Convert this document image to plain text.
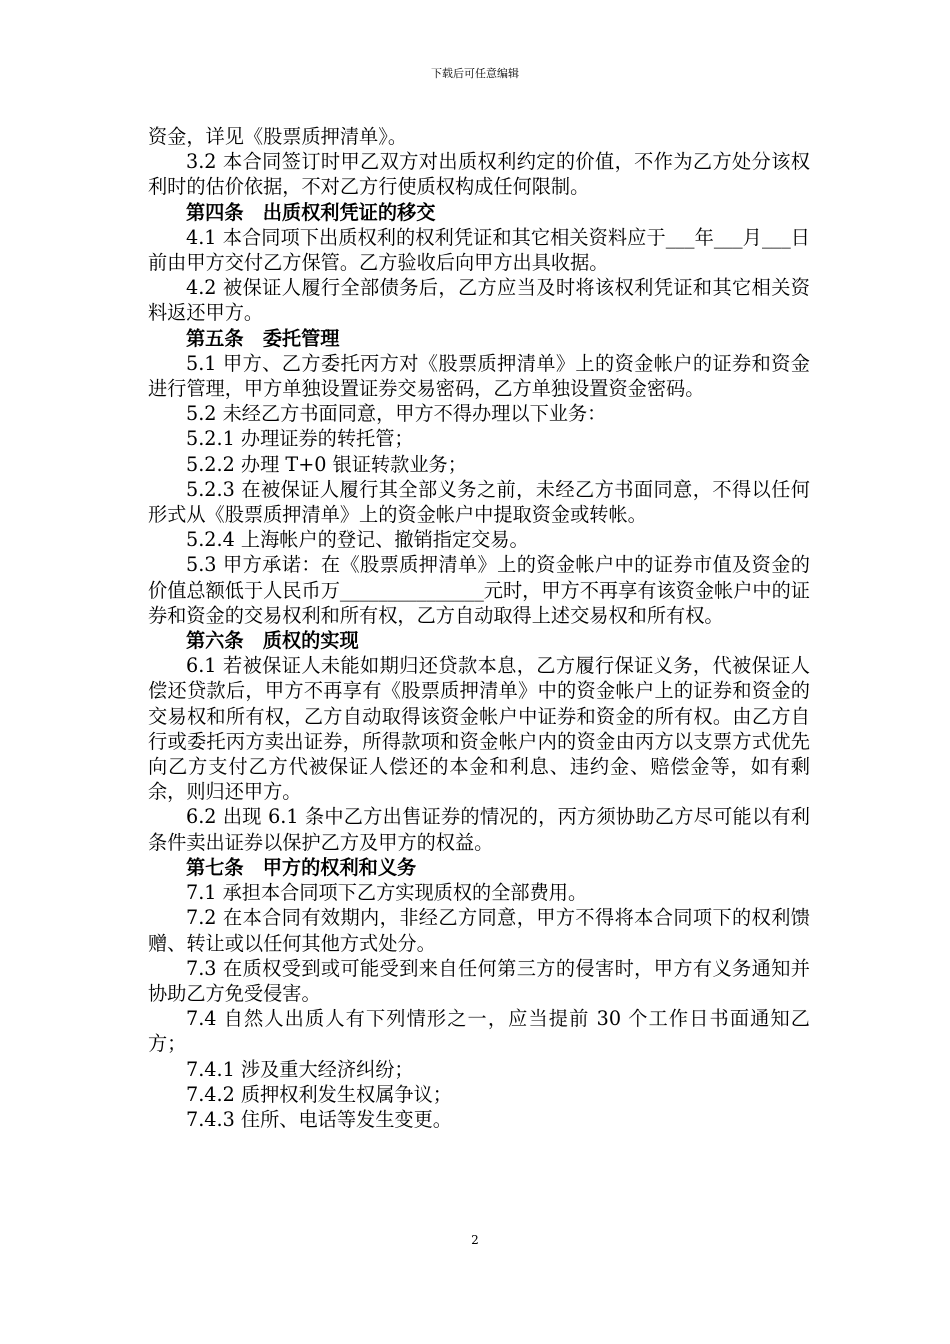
下载后可任意编辑

资金，详见《股票质押清单》。

3.2 本合同签订时甲乙双方对出质权利约定的价值，不作为乙方处分该权利时的估价依据，不对乙方行使质权构成任何限制。

第四条　出质权利凭证的移交

4.1 本合同项下出质权利的权利凭证和其它相关资料应于___年___月___日前由甲方交付乙方保管。乙方验收后向甲方出具收据。

4.2 被保证人履行全部债务后，乙方应当及时将该权利凭证和其它相关资料返还甲方。

第五条　委托管理

5.1 甲方、乙方委托丙方对《股票质押清单》上的资金帐户的证券和资金进行管理，甲方单独设置证券交易密码，乙方单独设置资金密码。

5.2 未经乙方书面同意，甲方不得办理以下业务：

5.2.1 办理证券的转托管；

5.2.2 办理 T+0 银证转款业务；

5.2.3 在被保证人履行其全部义务之前，未经乙方书面同意，不得以任何形式从《股票质押清单》上的资金帐户中提取资金或转帐。

5.2.4 上海帐户的登记、撤销指定交易。

5.3 甲方承诺：在《股票质押清单》上的资金帐户中的证券市值及资金的价值总额低于人民币万_______________元时，甲方不再享有该资金帐户中的证券和资金的交易权利和所有权，乙方自动取得上述交易权和所有权。

第六条　质权的实现

6.1 若被保证人未能如期归还贷款本息，乙方履行保证义务，代被保证人偿还贷款后，甲方不再享有《股票质押清单》中的资金帐户上的证券和资金的交易权和所有权，乙方自动取得该资金帐户中证券和资金的所有权。由乙方自行或委托丙方卖出证券，所得款项和资金帐户内的资金由丙方以支票方式优先向乙方支付乙方代被保证人偿还的本金和利息、违约金、赔偿金等，如有剩余，则归还甲方。

6.2 出现 6.1 条中乙方出售证券的情况的，丙方须协助乙方尽可能以有利条件卖出证券以保护乙方及甲方的权益。

第七条　甲方的权利和义务

7.1 承担本合同项下乙方实现质权的全部费用。

7.2 在本合同有效期内，非经乙方同意，甲方不得将本合同项下的权利馈赠、转让或以任何其他方式处分。

7.3 在质权受到或可能受到来自任何第三方的侵害时，甲方有义务通知并协助乙方免受侵害。

7.4 自然人出质人有下列情形之一，应当提前 30 个工作日书面通知乙方；

7.4.1 涉及重大经济纠纷；

7.4.2 质押权利发生权属争议；

7.4.3 住所、电话等发生变更。

2
